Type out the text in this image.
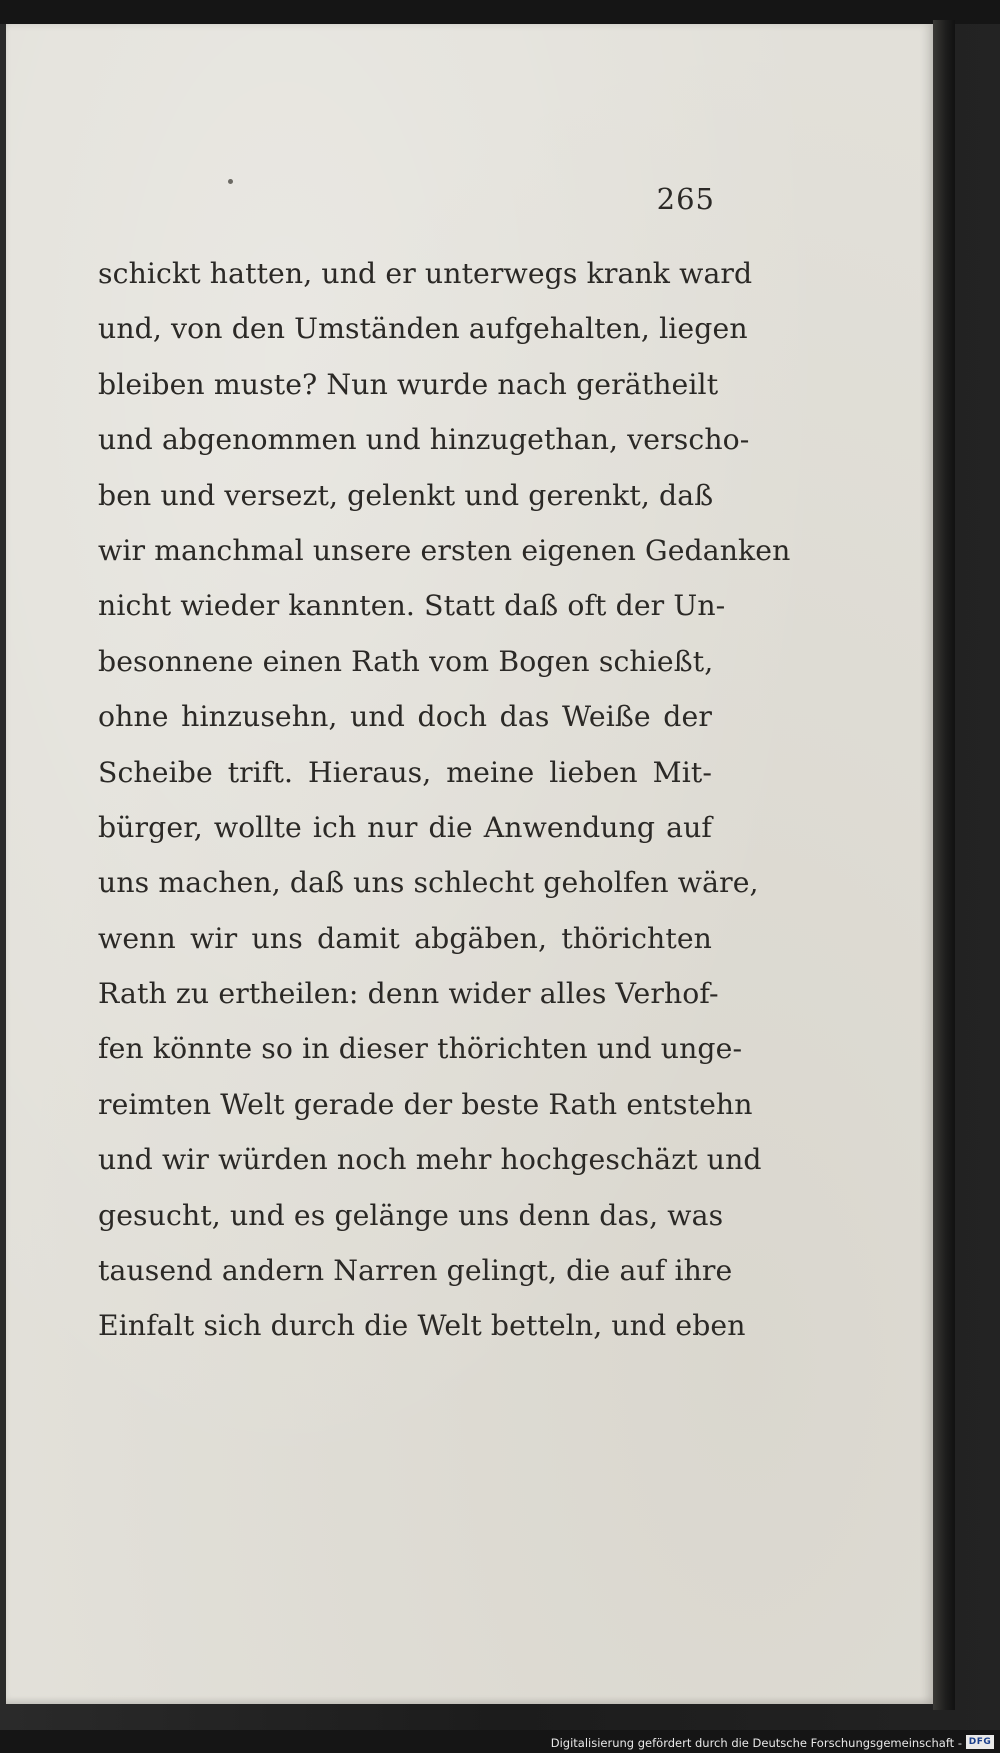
265
schickt hatten, und er unterwegs krank ward
und, von den Umständen aufgehalten, liegen
bleiben muste? Nun wurde nach gerätheilt
und abgenommen und hinzugethan, verscho-
ben und versezt, gelenkt und gerenkt, daß
wir manchmal unsere ersten eigenen Gedanken
nicht wieder kannten. Statt daß oft der Un-
besonnene einen Rath vom Bogen schießt,
ohne hinzusehn, und doch das Weiße der
Scheibe trift. Hieraus, meine lieben Mit-
bürger, wollte ich nur die Anwendung auf
uns machen, daß uns schlecht geholfen wäre,
wenn wir uns damit abgäben, thörichten
Rath zu ertheilen: denn wider alles Verhof-
fen könnte so in dieser thörichten und unge-
reimten Welt gerade der beste Rath entstehn
und wir würden noch mehr hochgeschäzt und
gesucht, und es gelänge uns denn das, was
tausend andern Narren gelingt, die auf ihre
Einfalt sich durch die Welt betteln, und eben
Digitalisierung gefördert durch die Deutsche Forschungsgemeinschaft - DFG
